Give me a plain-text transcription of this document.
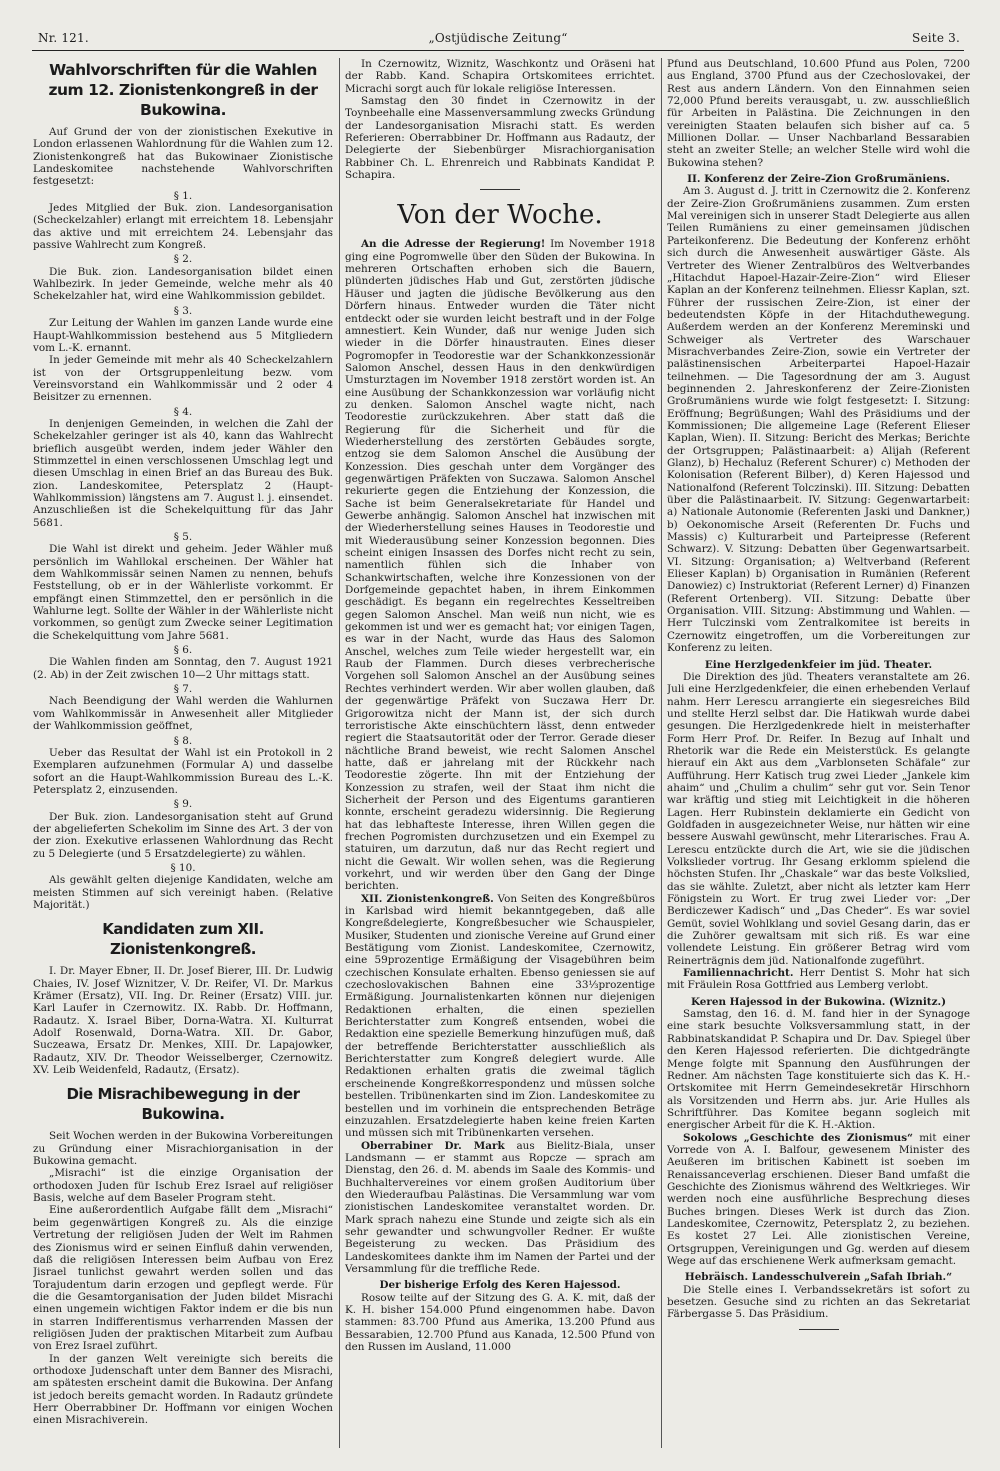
Nr. 121.	„Ostjüdische Zeitung“	Seite 3.
Wahlvorschriften für die Wahlen zum 12. Zionistenkongreß in der Bukowina.

Auf Grund der von der zionistischen Exekutive in London erlassenen Wahlordnung für die Wahlen zum 12. Zionistenkongreß hat das Bukowinaer Zionistische Landeskomitee nachstehende Wahlvorschriften festgesetzt:

§ 1.

Jedes Mitglied der Buk. zion. Landesorganisation (Scheckelzahler) erlangt mit erreichtem 18. Lebensjahr das aktive und mit erreichtem 24. Lebensjahr das passive Wahlrecht zum Kongreß.

§ 2.

Die Buk. zion. Landesorganisation bildet einen Wahlbezirk. In jeder Gemeinde, welche mehr als 40 Schekelzahler hat, wird eine Wahlkommission gebildet.

§ 3.

Zur Leitung der Wahlen im ganzen Lande wurde eine Haupt-Wahlkommission bestehend aus 5 Mitgliedern vom L.-K. ernannt.

In jeder Gemeinde mit mehr als 40 Scheckelzahlern ist von der Ortsgruppenleitung bezw. vom Vereinsvorstand ein Wahlkommissär und 2 oder 4 Beisitzer zu ernennen.

§ 4.

In denjenigen Gemeinden, in welchen die Zahl der Schekelzahler geringer ist als 40, kann das Wahlrecht brieflich ausgeübt werden, indem jeder Wähler den Stimmzettel in einen verschlossenen Umschlag legt und diesen Umschlag in einen Brief an das Bureau des Buk. zion. Landeskomitee, Petersplatz 2 (Haupt-Wahlkommission) längstens am 7. August l. j. einsendet. Anzuschließen ist die Schekelquittung für das Jahr 5681.

§ 5.

Die Wahl ist direkt und geheim. Jeder Wähler muß persönlich im Wahllokal erscheinen. Der Wähler hat dem Wahlkommissär seinen Namen zu nennen, behufs Feststellung, ob er in der Wählerliste vorkommt. Er empfängt einen Stimmzettel, den er persönlich in die Wahlurne legt. Sollte der Wähler in der Wählerliste nicht vorkommen, so genügt zum Zwecke seiner Legitimation die Schekelquittung vom Jahre 5681.

§ 6.

Die Wahlen finden am Sonntag, den 7. August 1921 (2. Ab) in der Zeit zwischen 10—2 Uhr mittags statt.

§ 7.

Nach Beendigung der Wahl werden die Wahlurnen vom Wahlkommissär in Anwesenheit aller Mitglieder der Wahlkommission geöffnet,

§ 8.

Ueber das Resultat der Wahl ist ein Protokoll in 2 Exemplaren aufzunehmen (Formular A) und dasselbe sofort an die Haupt-Wahlkommission Bureau des L.-K. Petersplatz 2, einzusenden.

§ 9.

Der Buk. zion. Landesorganisation steht auf Grund der abgelieferten Schekolim im Sinne des Art. 3 der von der zion. Exekutive erlassenen Wahlordnung das Recht zu 5 Delegierte (und 5 Ersatzdelegierte) zu wählen.

§ 10.

Als gewählt gelten diejenige Kandidaten, welche am meisten Stimmen auf sich vereinigt haben. (Relative Majorität.)

Kandidaten zum XII. Zionistenkongreß.

I. Dr. Mayer Ebner, II. Dr. Josef Bierer, III. Dr. Ludwig Chaies, IV. Josef Wiznitzer, V. Dr. Reifer, VI. Dr. Markus Krämer (Ersatz), VII. Ing. Dr. Reiner (Ersatz) VIII. jur. Karl Laufer in Czernowitz. IX. Rabb. Dr. Hoffmann, Radautz. X. Israel Biber, Dorna-Watra. XI. Kulturrat Adolf Rosenwald, Dorna-Watra. XII. Dr. Gabor, Suczeawa, Ersatz Dr. Menkes, XIII. Dr. Lapajowker, Radautz, XIV. Dr. Theodor Weisselberger, Czernowitz. XV. Leib Weidenfeld, Radautz, (Ersatz).

Die Misrachibewegung in der Bukowina.

Seit Wochen werden in der Bukowina Vorbereitungen zu Gründung einer Misrachiorganisation in der Bukowina gemacht.

„Misrachi“ ist die einzige Organisation der orthodoxen Juden für Ischub Erez Israel auf religiöser Basis, welche auf dem Baseler Program steht.

Eine außerordentlich Aufgabe fällt dem „Misrachi“ beim gegenwärtigen Kongreß zu. Als die einzige Vertretung der religiösen Juden der Welt im Rahmen des Zionismus wird er seinen Einfluß dahin verwenden, daß die religiösen Interessen beim Aufbau von Erez Jisrael tunlichst gewahrt werden sollen und das Torajudentum darin erzogen und gepflegt werde. Für die die Gesamtorganisation der Juden bildet Misrachi einen ungemein wichtigen Faktor indem er die bis nun in starren Indifferentismus verharrenden Massen der religiösen Juden der praktischen Mitarbeit zum Aufbau von Erez Israel zuführt.

In der ganzen Welt vereinigte sich bereits die orthodoxe Judenschaft unter dem Banner des Misrachi, am spätesten erscheint damit die Bukowina. Der Anfang ist jedoch bereits gemacht worden. In Radautz gründete Herr Oberrabbiner Dr. Hoffmann vor einigen Wochen einen Misrachiverein.

In Czernowitz, Wiznitz, Waschkontz und Oräseni hat der Rabb. Kand. Schapira Ortskomitees errichtet. Micrachi sorgt auch für lokale religiöse Interessen.

Samstag den 30 findet in Czernowitz in der Toynbeehalle eine Massenversammlung zwecks Gründung der Landesorganisation Misrachi statt. Es werden Referieren: Oberrabbiner Dr. Hoffmann aus Radautz, der Delegierte der Siebenbürger Misrachiorganisation Rabbiner Ch. L. Ehrenreich und Rabbinats Kandidat P. Schapira.

Von der Woche.

An die Adresse der Regierung! Im November 1918 ging eine Pogromwelle über den Süden der Bukowina. In mehreren Ortschaften erhoben sich die Bauern, plünderten jüdisches Hab und Gut, zerstörten jüdische Häuser und jagten die jüdische Bevölkerung aus den Dörfern hinaus. Entweder wurden die Täter nicht entdeckt oder sie wurden leicht bestraft und in der Folge amnestiert. Kein Wunder, daß nur wenige Juden sich wieder in die Dörfer hinaustrauten. Eines dieser Pogromopfer in Teodorestie war der Schankkonzessionär Salomon Anschel, dessen Haus in den denkwürdigen Umsturztagen im November 1918 zerstört worden ist. An eine Ausübung der Schankkonzession war vorläufig nicht zu denken. Salomon Anschel wagte nicht, nach Teodorestie zurückzukehren. Aber statt daß die Regierung für die Sicherheit und für die Wiederherstellung des zerstörten Gebäudes sorgte, entzog sie dem Salomon Anschel die Ausübung der Konzession. Dies geschah unter dem Vorgänger des gegenwärtigen Präfekten von Suczawa. Salomon Anschel rekurierte gegen die Entziehung der Konzession, die Sache ist beim Generalsekretariate für Handel und Gewerbe anhängig. Salomon Anschel hat inzwischen mit der Wiederherstellung seines Hauses in Teodorestie und mit Wiederausübung seiner Konzession begonnen. Dies scheint einigen Insassen des Dorfes nicht recht zu sein, namentlich fühlen sich die Inhaber von Schankwirtschaften, welche ihre Konzessionen von der Dorfgemeinde gepachtet haben, in ihrem Einkommen geschädigt. Es begann ein regelrechtes Kesseltreiben gegen Salomon Anschel. Man weiß nun nicht, wie es gekommen ist und wer es gemacht hat; vor einigen Tagen, es war in der Nacht, wurde das Haus des Salomon Anschel, welches zum Teile wieder hergestellt war, ein Raub der Flammen. Durch dieses verbrecherische Vorgehen soll Salomon Anschel an der Ausübung seines Rechtes verhindert werden. Wir aber wollen glauben, daß der gegenwärtige Präfekt von Suczawa Herr Dr. Grigorowitza nicht der Mann ist, der sich durch terroristische Akte einschüchtern lässt, denn entweder regiert die Staatsautorität oder der Terror. Gerade dieser nächtliche Brand beweist, wie recht Salomen Anschel hatte, daß er jahrelang mit der Rückkehr nach Teodorestie zögerte. Ihn mit der Entziehung der Konzession zu strafen, weil der Staat ihm nicht die Sicherheit der Person und des Eigentums garantieren konnte, erscheint geradezu widersinnig. Die Regierung hat das lebhafteste Interesse, ihren Willen gegen die frechen Pogromisten durchzusetzen und ein Exempel zu statuiren, um darzutun, daß nur das Recht regiert und nicht die Gewalt. Wir wollen sehen, was die Regierung vorkehrt, und wir werden über den Gang der Dinge berichten.

XII. Zionistenkongreß. Von Seiten des Kongreßbüros in Karlsbad wird hiemit bekanntgegeben, daß alle Kongreßdelegierte, Kongreßbesucher wie Schauspieler, Musiker, Studenten und zionische Vereine auf Grund einer Bestätigung vom Zionist. Landeskomitee, Czernowitz, eine 59prozentige Ermäßigung der Visagebühren beim czechischen Konsulate erhalten. Ebenso geniessen sie auf czechoslovakischen Bahnen eine 33⅓prozentige Ermäßigung. Journalistenkarten können nur diejenigen Redaktionen erhalten, die einen speziellen Berichterstatter zum Kongreß entsenden, wobei die Redaktion eine spezielle Bemerkung hinzufügen muß, daß der betreffende Berichterstatter ausschließlich als Berichterstatter zum Kongreß delegiert wurde. Alle Redaktionen erhalten gratis die zweimal täglich erscheinende Kongreßkorrespondenz und müssen solche bestellen. Tribünenkarten sind im Zion. Landeskomitee zu bestellen und im vorhinein die entsprechenden Beträge einzuzahlen. Ersatzdelegierte haben keine freien Karten und müssen sich mit Tribünenkarten versehen.

Oberrabiner Dr. Mark aus Bielitz-Biala, unser Landsmann — er stammt aus Ropcze — sprach am Dienstag, den 26. d. M. abends im Saale des Kommis- und Buchhaltervereines vor einem großen Auditorium über den Wiederaufbau Palästinas. Die Versammlung war vom zionistischen Landeskomitee veranstaltet worden. Dr. Mark sprach nahezu eine Stunde und zeigte sich als ein sehr gewandter und schwungvoller Redner. Er wußte Begeisterung zu wecken. Das Präsidium des Landeskomitees dankte ihm im Namen der Partei und der Versammlung für die treffliche Rede.

Der bisherige Erfolg des Keren Hajessod.

Rosow teilte auf der Sitzung des G. A. K. mit, daß der K. H. bisher 154.000 Pfund eingenommen habe. Davon stammen: 83.700 Pfund aus Amerika, 13.200 Pfund aus Bessarabien, 12.700 Pfund aus Kanada, 12.500 Pfund von den Russen im Ausland, 11.000

Pfund aus Deutschland, 10.600 Pfund aus Polen, 7200 aus England, 3700 Pfund aus der Czechoslovakei, der Rest aus andern Ländern. Von den Einnahmen seien 72,000 Pfund bereits verausgabt, u. zw. ausschließlich für Arbeiten in Palästina. Die Zeichnungen in den vereinigten Staaten belaufen sich bisher auf ca. 5 Millionen Dollar. — Unser Nachbarland Bessarabien steht an zweiter Stelle; an welcher Stelle wird wohl die Bukowina stehen?

II. Konferenz der Zeire-Zion Großrumäniens.

Am 3. August d. J. tritt in Czernowitz die 2. Konferenz der Zeire-Zion Großrumäniens zusammen. Zum ersten Mal vereinigen sich in unserer Stadt Delegierte aus allen Teilen Rumäniens zu einer gemeinsamen jüdischen Parteikonferenz. Die Bedeutung der Konferenz erhöht sich durch die Anwesenheit auswärtiger Gäste. Als Vertreter des Wiener Zentralbüros des Weltverbandes „Hitachdut Hapoel-Hazair-Zeire-Zion“ wird Elieser Kaplan an der Konferenz teilnehmen. Eliessr Kaplan, szt. Führer der russischen Zeire-Zion, ist einer der bedeutendsten Köpfe in der Hitachduthewegung. Außerdem werden an der Konferenz Mereminski und Schweiger als Vertreter des Warschauer Misrachverbandes Zeire-Zion, sowie ein Vertreter der palästinensischen Arbeiterpartei Hapoel-Hazair teilnehmen. — Die Tagesordnung der am 3. August beginnenden 2. Jahreskonferenz der Zeire-Zionisten Großrumäniens wurde wie folgt festgesetzt: I. Sitzung: Eröffnung; Begrüßungen; Wahl des Präsidiums und der Kommissionen; Die allgemeine Lage (Referent Elieser Kaplan, Wien). II. Sitzung: Bericht des Merkas; Berichte der Ortsgruppen; Palästinaarbeit: a) Alijah (Referent Glanz), b) Hechaluz (Referent Schurer) c) Methoden der Kolonisation (Referent Bilber), d) Keren Hajessod und Nationalfond (Referent Tolczinski). III. Sitzung: Debatten über die Palästinaarbeit. IV. Sitzung: Gegenwartarbeit: a) Nationale Autonomie (Referenten Jaski und Dankner,) b) Oekonomische Arseit (Referenten Dr. Fuchs und Massis) c) Kulturarbeit und Parteipresse (Referent Schwarz). V. Sitzung: Debatten über Gegenwartsarbeit. VI. Sitzung: Organisation; a) Weltverband (Referent Elieser Kaplan) b) Organisation in Rumänien (Referent Danowiez) c) Instruktoriat (Referent Lerner) d) Finanzen (Referent Ortenberg). VII. Sitzung: Debatte über Organisation. VIII. Sitzung: Abstimmung und Wahlen. — Herr Tulczinski vom Zentralkomitee ist bereits in Czernowitz eingetroffen, um die Vorbereitungen zur Konferenz zu leiten.

Eine Herzlgedenkfeier im jüd. Theater.

Die Direktion des jüd. Theaters veranstaltete am 26. Juli eine Herzlgedenkfeier, die einen erhebenden Verlauf nahm. Herr Lerescu arrangierte ein siegesreiches Bild und stellte Herzl selbst dar. Die Hatikwah wurde dabei gesungen. Die Herzlgedenkrede hielt in meisterhafter Form Herr Prof. Dr. Reifer. In Bezug auf Inhalt und Rhetorik war die Rede ein Meisterstück. Es gelangte hierauf ein Akt aus dem „Varblonseten Schäfale“ zur Aufführung. Herr Katisch trug zwei Lieder „Jankele kim ahaim“ und „Chulim a chulim“ sehr gut vor. Sein Tenor war kräftig und stieg mit Leichtigkeit in die höheren Lagen. Herr Rubinstein deklamierte ein Gedicht von Goldfaden in ausgezeichneter Weise, nur hätten wir eine bessere Auswahl gewünscht, mehr Literarisches. Frau A. Lerescu entzückte durch die Art, wie sie die jüdischen Volkslieder vortrug. Ihr Gesang erklomm spielend die höchsten Stufen. Ihr „Chaskale“ war das beste Volkslied, das sie wählte. Zuletzt, aber nicht als letzter kam Herr Fönigstein zu Wort. Er trug zwei Lieder vor: „Der Berdiczewer Kadisch“ und „Das Cheder“. Es war soviel Gemüt, soviel Wohlklang und soviel Gesang darin, das er die Zuhörer gewaltsam mit sich riß. Es war eine vollendete Leistung. Ein größerer Betrag wird vom Reinerträgnis dem jüd. Nationalfonde zugeführt.

Familiennachricht. Herr Dentist S. Mohr hat sich mit Fräulein Rosa Gottfried aus Lemberg verlobt.

Keren Hajessod in der Bukowina. (Wiznitz.)

Samstag, den 16. d. M. fand hier in der Synagoge eine stark besuchte Volksversammlung statt, in der Rabbinatskandidat P. Schapira und Dr. Dav. Spiegel über den Keren Hajessod referierten. Die dichtgedrängte Menge folgte mit Spannung den Ausführungen der Redner. Am nächsten Tage konstituierte sich das K. H.-Ortskomitee mit Herrn Gemeindesekretär Hirschhorn als Vorsitzenden und Herrn abs. jur. Arie Hulles als Schriftführer. Das Komitee begann sogleich mit energischer Arbeit für die K. H.-Aktion.

Sokolows „Geschichte des Zionismus“ mit einer Vorrede von A. I. Balfour, gewesenem Minister des Aeußeren im britischen Kabinett ist soeben im Renaissanceverlag erschienen. Dieser Band umfaßt die Geschichte des Zionismus während des Weltkrieges. Wir werden noch eine ausführliche Besprechung dieses Buches bringen. Dieses Werk ist durch das Zion. Landeskomitee, Czernowitz, Petersplatz 2, zu beziehen. Es kostet 27 Lei. Alle zionistischen Vereine, Ortsgruppen, Vereinigungen und Gg. werden auf diesem Wege auf das erschienene Werk aufmerksam gemacht.

Hebräisch. Landesschulverein „Safah Ibriah.“

Die Stelle eines I. Verbandssekretärs ist sofort zu besetzen. Gesuche sind zu richten an das Sekretariat Färbergasse 5. Das Präsidium.
